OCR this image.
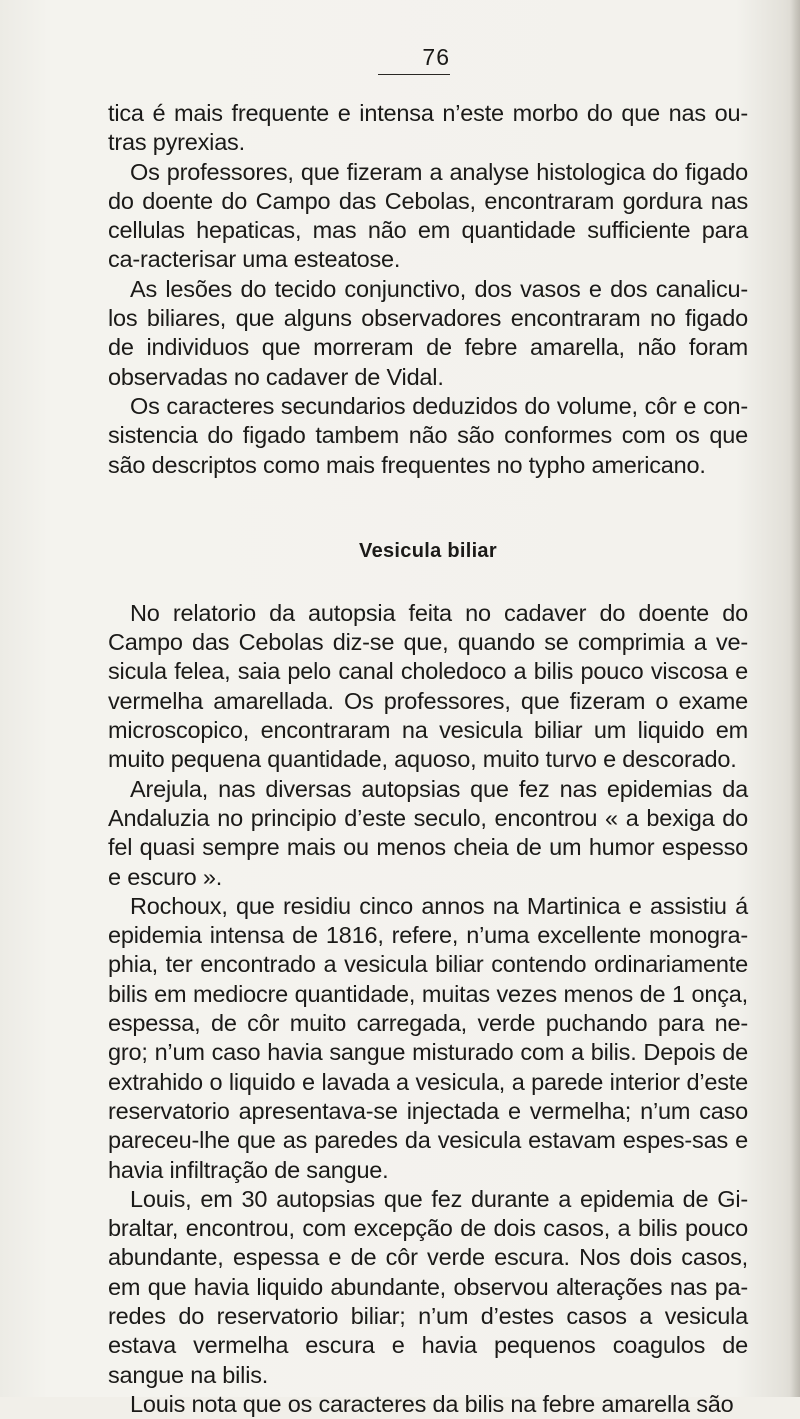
76

tica é mais frequente e intensa n’este morbo do que nas ou-tras pyrexias.

Os professores, que fizeram a analyse histologica do figado do doente do Campo das Cebolas, encontraram gordura nas cellulas hepaticas, mas não em quantidade sufficiente para ca-racterisar uma esteatose.

As lesões do tecido conjunctivo, dos vasos e dos canalicu-los biliares, que alguns observadores encontraram no figado de individuos que morreram de febre amarella, não foram observadas no cadaver de Vidal.

Os caracteres secundarios deduzidos do volume, côr e con-sistencia do figado tambem não são conformes com os que são descriptos como mais frequentes no typho americano.

Vesicula biliar

No relatorio da autopsia feita no cadaver do doente do Campo das Cebolas diz-se que, quando se comprimia a ve-sicula felea, saia pelo canal choledoco a bilis pouco viscosa e vermelha amarellada. Os professores, que fizeram o exame microscopico, encontraram na vesicula biliar um liquido em muito pequena quantidade, aquoso, muito turvo e descorado.

Arejula, nas diversas autopsias que fez nas epidemias da Andaluzia no principio d’este seculo, encontrou « a bexiga do fel quasi sempre mais ou menos cheia de um humor espesso e escuro ».

Rochoux, que residiu cinco annos na Martinica e assistiu á epidemia intensa de 1816, refere, n’uma excellente monogra-phia, ter encontrado a vesicula biliar contendo ordinariamente bilis em mediocre quantidade, muitas vezes menos de 1 onça, espessa, de côr muito carregada, verde puchando para ne-gro; n’um caso havia sangue misturado com a bilis. Depois de extrahido o liquido e lavada a vesicula, a parede interior d’este reservatorio apresentava-se injectada e vermelha; n’um caso pareceu-lhe que as paredes da vesicula estavam espes-sas e havia infiltração de sangue.

Louis, em 30 autopsias que fez durante a epidemia de Gi-braltar, encontrou, com excepção de dois casos, a bilis pouco abundante, espessa e de côr verde escura. Nos dois casos, em que havia liquido abundante, observou alterações nas pa-redes do reservatorio biliar; n’um d’estes casos a vesicula estava vermelha escura e havia pequenos coagulos de sangue na bilis.

Louis nota que os caracteres da bilis na febre amarella são
